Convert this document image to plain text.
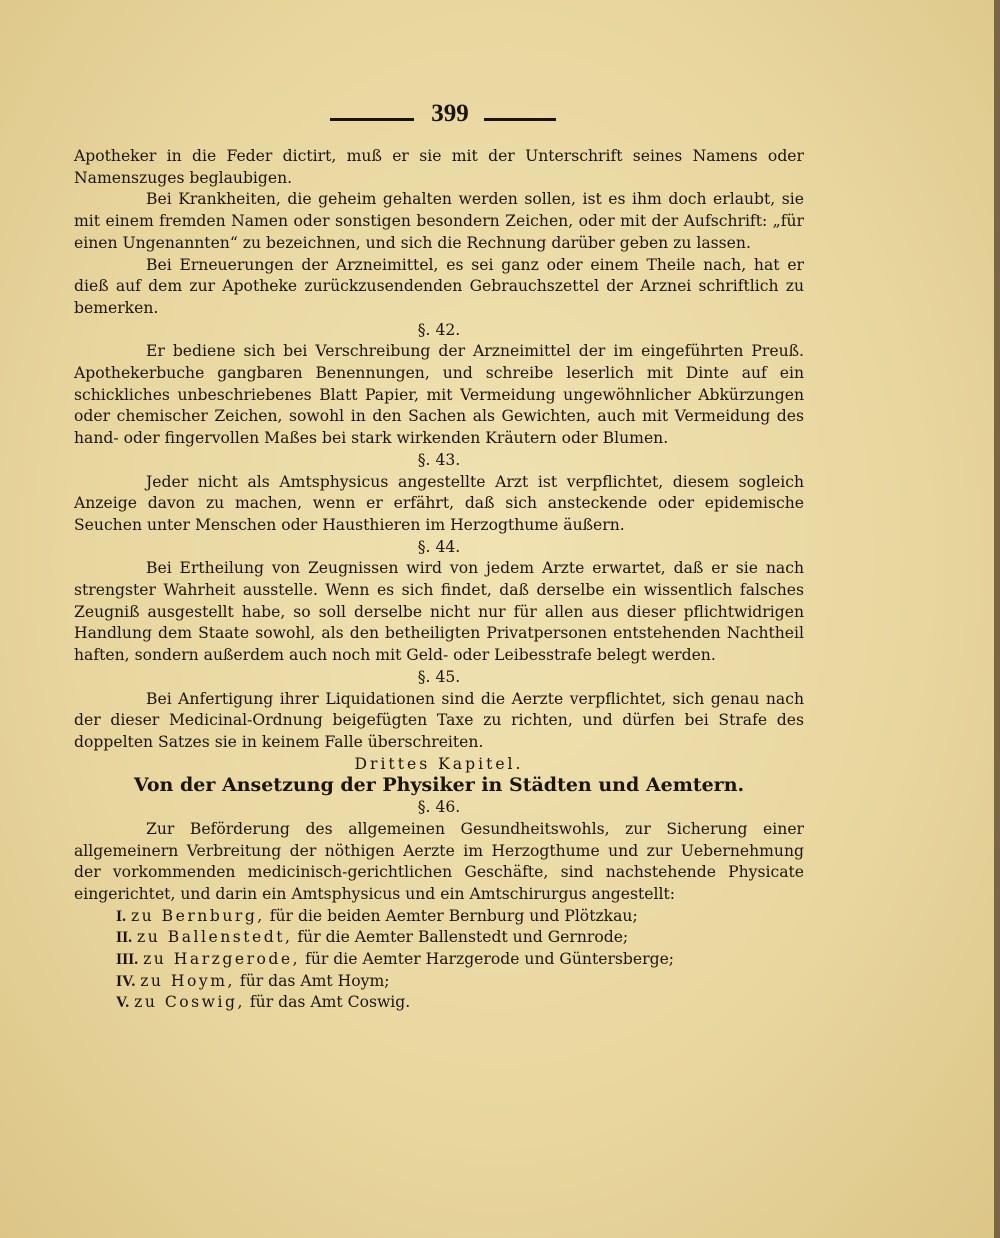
399

Apotheker in die Feder dictirt, muß er sie mit der Unterschrift seines Namens oder Namenszuges beglaubigen.

Bei Krankheiten, die geheim gehalten werden sollen, ist es ihm doch erlaubt, sie mit einem fremden Namen oder sonstigen besondern Zeichen, oder mit der Aufschrift: „für einen Ungenannten“ zu bezeichnen, und sich die Rechnung darüber geben zu lassen.

Bei Erneuerungen der Arzneimittel, es sei ganz oder einem Theile nach, hat er dieß auf dem zur Apotheke zurückzusendenden Gebrauchszettel der Arznei schriftlich zu bemerken.

§. 42.

Er bediene sich bei Verschreibung der Arzneimittel der im eingeführten Preuß. Apothekerbuche gangbaren Benennungen, und schreibe leserlich mit Dinte auf ein schickliches unbeschriebenes Blatt Papier, mit Vermeidung ungewöhnlicher Abkürzungen oder chemischer Zeichen, sowohl in den Sachen als Gewichten, auch mit Vermeidung des hand- oder fingervollen Maßes bei stark wirkenden Kräutern oder Blumen.

§. 43.

Jeder nicht als Amtsphysicus angestellte Arzt ist verpflichtet, diesem sogleich Anzeige davon zu machen, wenn er erfährt, daß sich ansteckende oder epidemische Seuchen unter Menschen oder Hausthieren im Herzogthume äußern.

§. 44.

Bei Ertheilung von Zeugnissen wird von jedem Arzte erwartet, daß er sie nach strengster Wahrheit ausstelle. Wenn es sich findet, daß derselbe ein wissentlich falsches Zeugniß ausgestellt habe, so soll derselbe nicht nur für allen aus dieser pflichtwidrigen Handlung dem Staate sowohl, als den betheiligten Privatpersonen entstehenden Nachtheil haften, sondern außerdem auch noch mit Geld- oder Leibesstrafe belegt werden.

§. 45.

Bei Anfertigung ihrer Liquidationen sind die Aerzte verpflichtet, sich genau nach der dieser Medicinal-Ordnung beigefügten Taxe zu richten, und dürfen bei Strafe des doppelten Satzes sie in keinem Falle überschreiten.

Drittes Kapitel.

Von der Ansetzung der Physiker in Städten und Aemtern.

§. 46.

Zur Beförderung des allgemeinen Gesundheitswohls, zur Sicherung einer allgemeinern Verbreitung der nöthigen Aerzte im Herzogthume und zur Uebernehmung der vorkommenden medicinisch-gerichtlichen Geschäfte, sind nachstehende Physicate eingerichtet, und darin ein Amtsphysicus und ein Amtschirurgus angestellt:

I. zu Bernburg, für die beiden Aemter Bernburg und Plötzkau;

II. zu Ballenstedt, für die Aemter Ballenstedt und Gernrode;

III. zu Harzgerode, für die Aemter Harzgerode und Güntersberge;

IV. zu Hoym, für das Amt Hoym;

V. zu Coswig, für das Amt Coswig.
